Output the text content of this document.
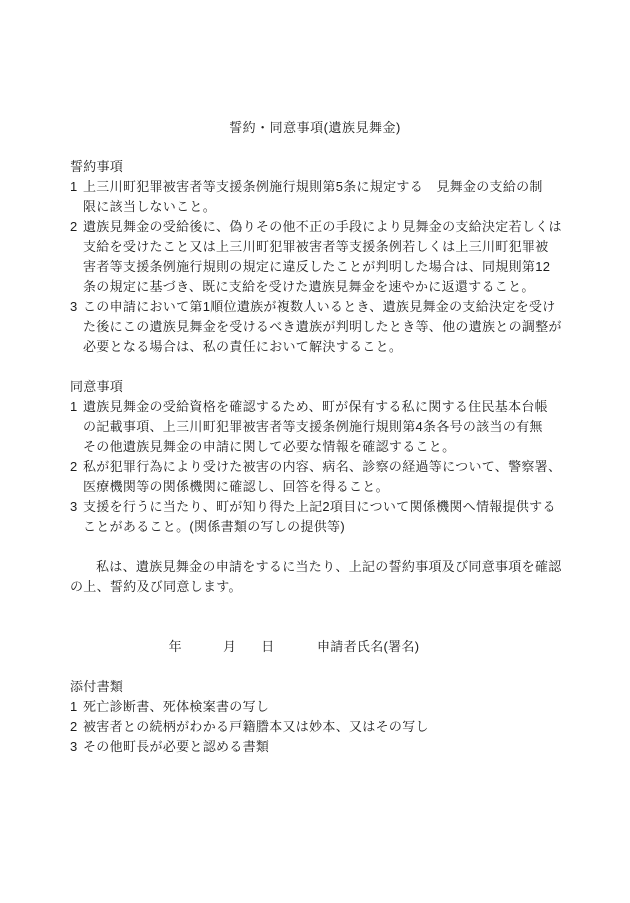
誓約・同意事項(遺族見舞金)
誓約事項
1 上三川町犯罪被害者等支援条例施行規則第5条に規定する　見舞金の支給の制
限に該当しないこと。
2 遺族見舞金の受給後に、偽りその他不正の手段により見舞金の支給決定若しくは
支給を受けたこと又は上三川町犯罪被害者等支援条例若しくは上三川町犯罪被
害者等支援条例施行規則の規定に違反したことが判明した場合は、同規則第12
条の規定に基づき、既に支給を受けた遺族見舞金を速やかに返還すること。
3 この申請において第1順位遺族が複数人いるとき、遺族見舞金の支給決定を受け
た後にこの遺族見舞金を受けるべき遺族が判明したとき等、他の遺族との調整が
必要となる場合は、私の責任において解決すること。
同意事項
1 遺族見舞金の受給資格を確認するため、町が保有する私に関する住民基本台帳
の記載事項、上三川町犯罪被害者等支援条例施行規則第4条各号の該当の有無
その他遺族見舞金の申請に関して必要な情報を確認すること。
2 私が犯罪行為により受けた被害の内容、病名、診察の経過等について、警察署、
医療機関等の関係機関に確認し、回答を得ること。
3 支援を行うに当たり、町が知り得た上記2項目について関係機関へ情報提供する
ことがあること。(関係書類の写しの提供等)
私は、遺族見舞金の申請をするに当たり、上記の誓約事項及び同意事項を確認
の上、誓約及び同意します。

年	月 日
	申請者氏名(署名)
添付書類
1 死亡診断書、死体検案書の写し
2 被害者との続柄がわかる戸籍謄本又は妙本、又はその写し
3 その他町長が必要と認める書類
